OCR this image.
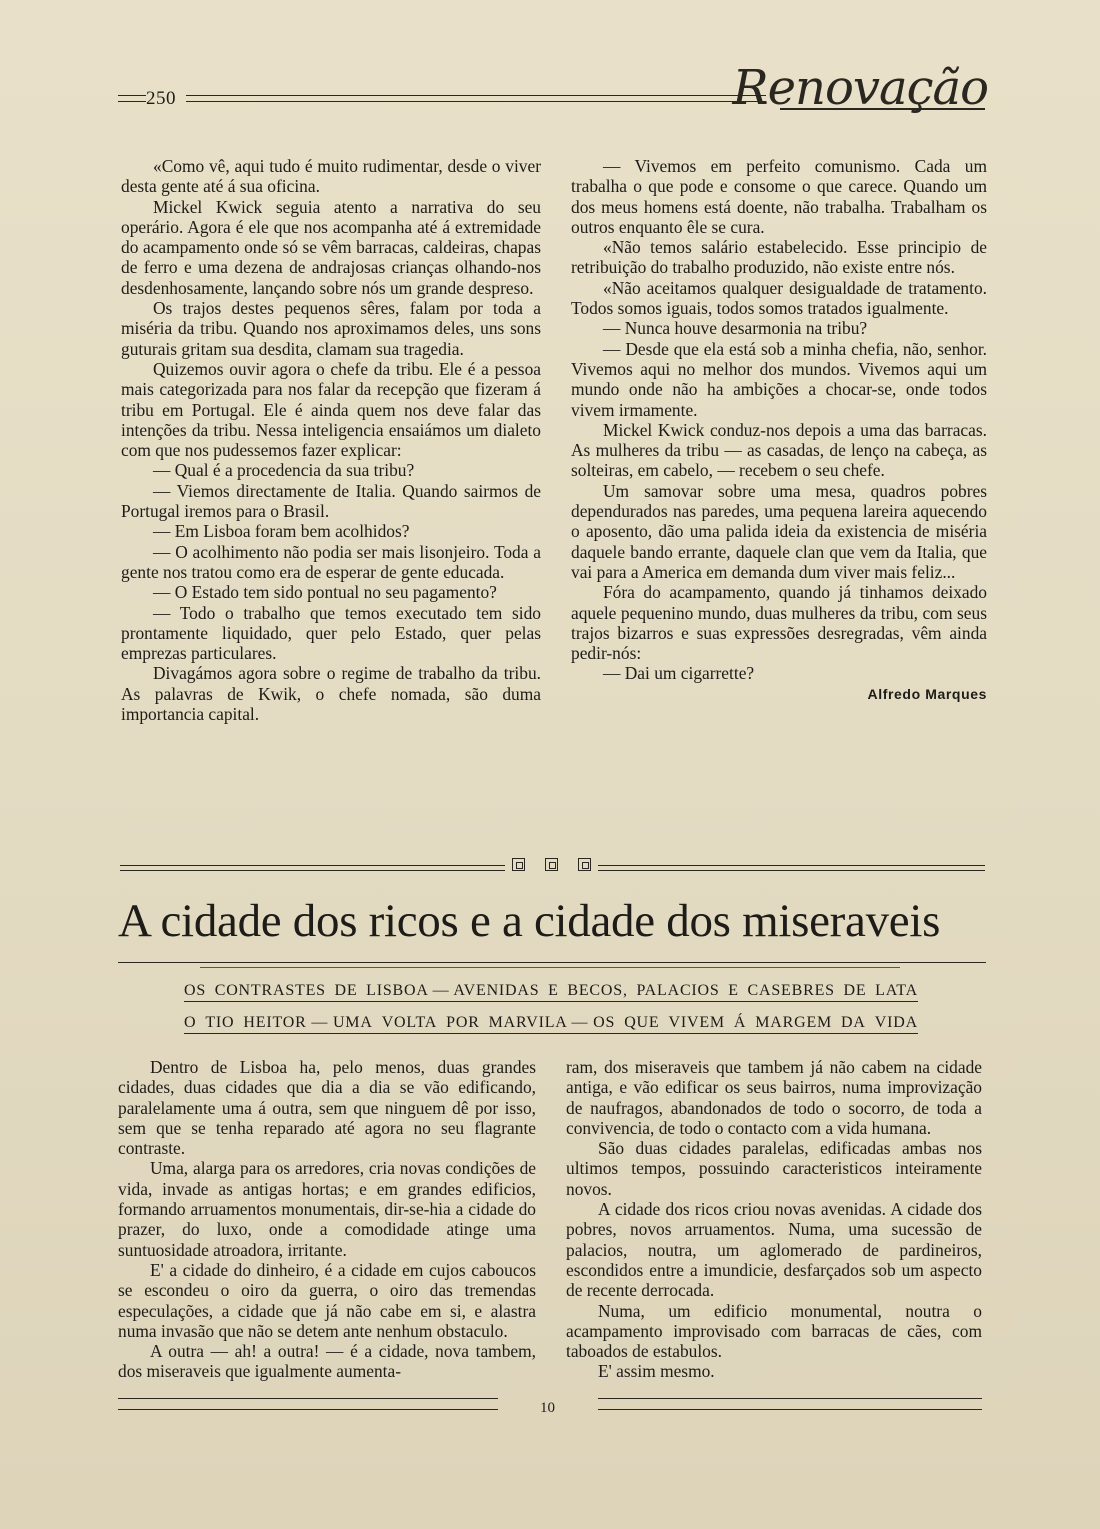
250	Renovação

«Como vê, aqui tudo é muito rudimentar, desde o viver desta gente até á sua oficina.

Mickel Kwick seguia atento a narrativa do seu operário. Agora é ele que nos acompanha até á extremidade do acampamento onde só se vêm barracas, caldeiras, chapas de ferro e uma dezena de andrajosas crianças olhando-nos desdenhosamente, lançando sobre nós um grande despreso.

Os trajos destes pequenos sêres, falam por toda a miséria da tribu. Quando nos aproximamos deles, uns sons guturais gritam sua desdita, clamam sua tragedia.

Quizemos ouvir agora o chefe da tribu. Ele é a pessoa mais categorizada para nos falar da recepção que fizeram á tribu em Portugal. Ele é ainda quem nos deve falar das intenções da tribu. Nessa inteligencia ensaiámos um dialeto com que nos pudessemos fazer explicar:

— Qual é a procedencia da sua tribu?

— Viemos directamente de Italia. Quando sairmos de Portugal iremos para o Brasil.

— Em Lisboa foram bem acolhidos?

— O acolhimento não podia ser mais lisonjeiro. Toda a gente nos tratou como era de esperar de gente educada.

— O Estado tem sido pontual no seu pagamento?

— Todo o trabalho que temos executado tem sido prontamente liquidado, quer pelo Estado, quer pelas emprezas particulares.

Divagámos agora sobre o regime de trabalho da tribu. As palavras de Kwik, o chefe nomada, são duma importancia capital.

— Vivemos em perfeito comunismo. Cada um trabalha o que pode e consome o que carece. Quando um dos meus homens está doente, não trabalha. Trabalham os outros enquanto êle se cura.

«Não temos salário estabelecido. Esse principio de retribuição do trabalho produzido, não existe entre nós.

«Não aceitamos qualquer desigualdade de tratamento. Todos somos iguais, todos somos tratados igualmente.

— Nunca houve desarmonia na tribu?

— Desde que ela está sob a minha chefia, não, senhor. Vivemos aqui no melhor dos mundos. Vivemos aqui um mundo onde não ha ambições a chocar-se, onde todos vivem irmamente.

Mickel Kwick conduz-nos depois a uma das barracas. As mulheres da tribu — as casadas, de lenço na cabeça, as solteiras, em cabelo, — recebem o seu chefe.

Um samovar sobre uma mesa, quadros pobres dependurados nas paredes, uma pequena lareira aquecendo o aposento, dão uma palida ideia da existencia de miséria daquele bando errante, daquele clan que vem da Italia, que vai para a America em demanda dum viver mais feliz...

Fóra do acampamento, quando já tinhamos deixado aquele pequenino mundo, duas mulheres da tribu, com seus trajos bizarros e suas expressões desregradas, vêm ainda pedir-nós:

— Dai um cigarrette?

Alfredo Marques

A cidade dos ricos e a cidade dos miseraveis
OS CONTRASTES DE LISBOA — AVENIDAS E BECOS, PALACIOS E CASEBRES DE LATA
O TIO HEITOR — UMA VOLTA POR MARVILA — OS QUE VIVEM Á MARGEM DA VIDA

Dentro de Lisboa ha, pelo menos, duas grandes cidades, duas cidades que dia a dia se vão edificando, paralelamente uma á outra, sem que ninguem dê por isso, sem que se tenha reparado até agora no seu flagrante contraste.

Uma, alarga para os arredores, cria novas condições de vida, invade as antigas hortas; e em grandes edificios, formando arruamentos monumentais, dir-se-hia a cidade do prazer, do luxo, onde a comodidade atinge uma suntuosidade atroadora, irritante.

E' a cidade do dinheiro, é a cidade em cujos caboucos se escondeu o oiro da guerra, o oiro das tremendas especulações, a cidade que já não cabe em si, e alastra numa invasão que não se detem ante nenhum obstaculo.

A outra — ah! a outra! — é a cidade, nova tambem, dos miseraveis que igualmente aumenta-

ram, dos miseraveis que tambem já não cabem na cidade antiga, e vão edificar os seus bairros, numa improvização de naufragos, abandonados de todo o socorro, de toda a convivencia, de todo o contacto com a vida humana.

São duas cidades paralelas, edificadas ambas nos ultimos tempos, possuindo caracteristicos inteiramente novos.

A cidade dos ricos criou novas avenidas. A cidade dos pobres, novos arruamentos. Numa, uma sucessão de palacios, noutra, um aglomerado de pardineiros, escondidos entre a imundicie, desfarçados sob um aspecto de recente derrocada.

Numa, um edificio monumental, noutra o acampamento improvisado com barracas de cães, com taboados de estabulos.

E' assim mesmo.

10
